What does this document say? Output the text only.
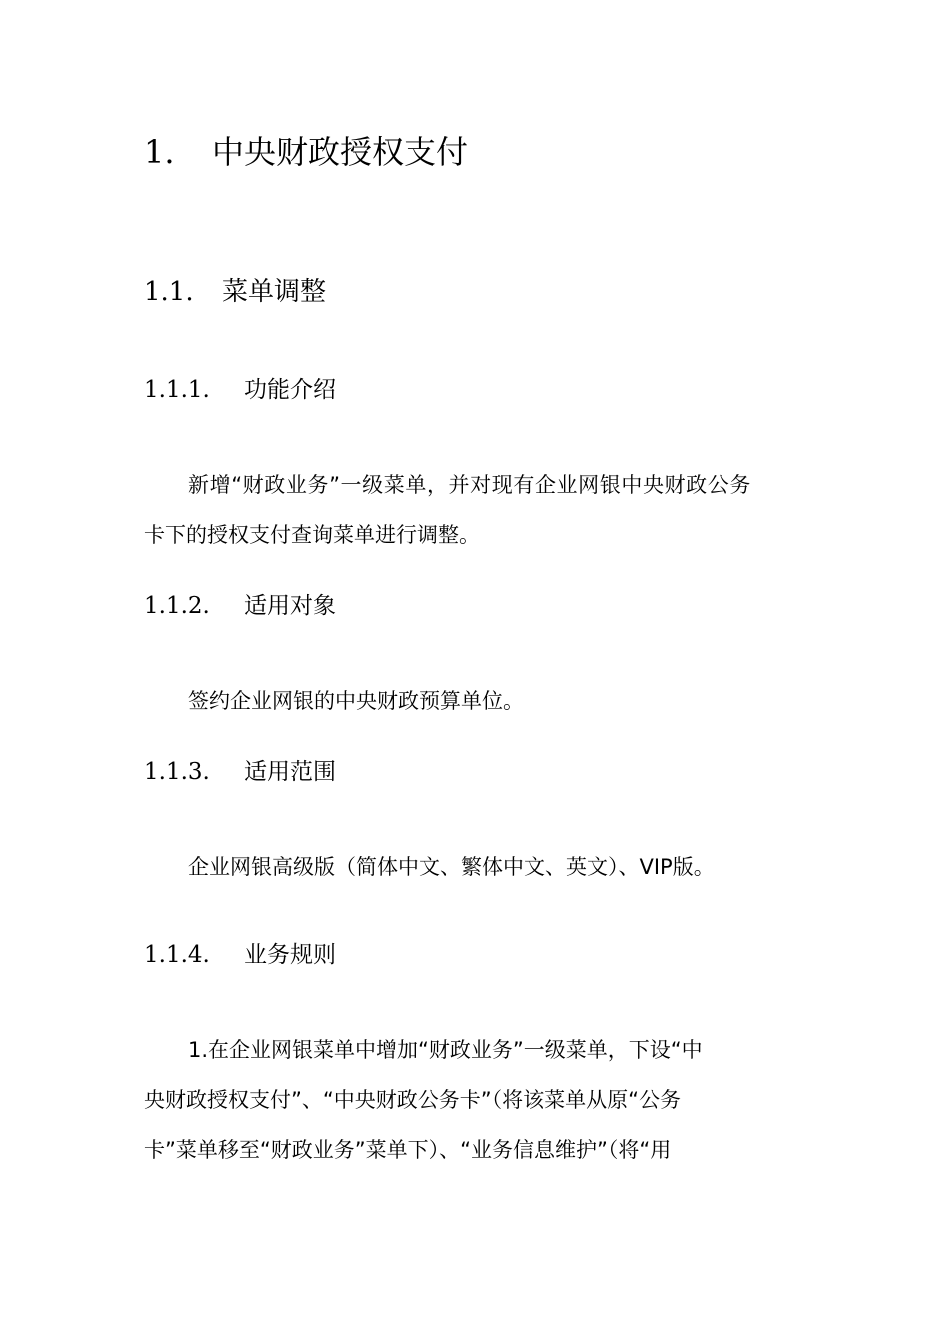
1. 中央财政授权支付
1.1. 菜单调整
1.1.1. 功能介绍
新增“财政业务”一级菜单，并对现有企业网银中央财政公务
卡下的授权支付查询菜单进行调整。
1.1.2. 适用对象
签约企业网银的中央财政预算单位。
1.1.3. 适用范围
企业网银高级版（简体中文、繁体中文、英文）、VIP版。
1.1.4. 业务规则
1.在企业网银菜单中增加“财政业务”一级菜单，下设“中
央财政授权支付”、“中央财政公务卡”（将该菜单从原“公务
卡”菜单移至“财政业务”菜单下）、“业务信息维护”（将“用
